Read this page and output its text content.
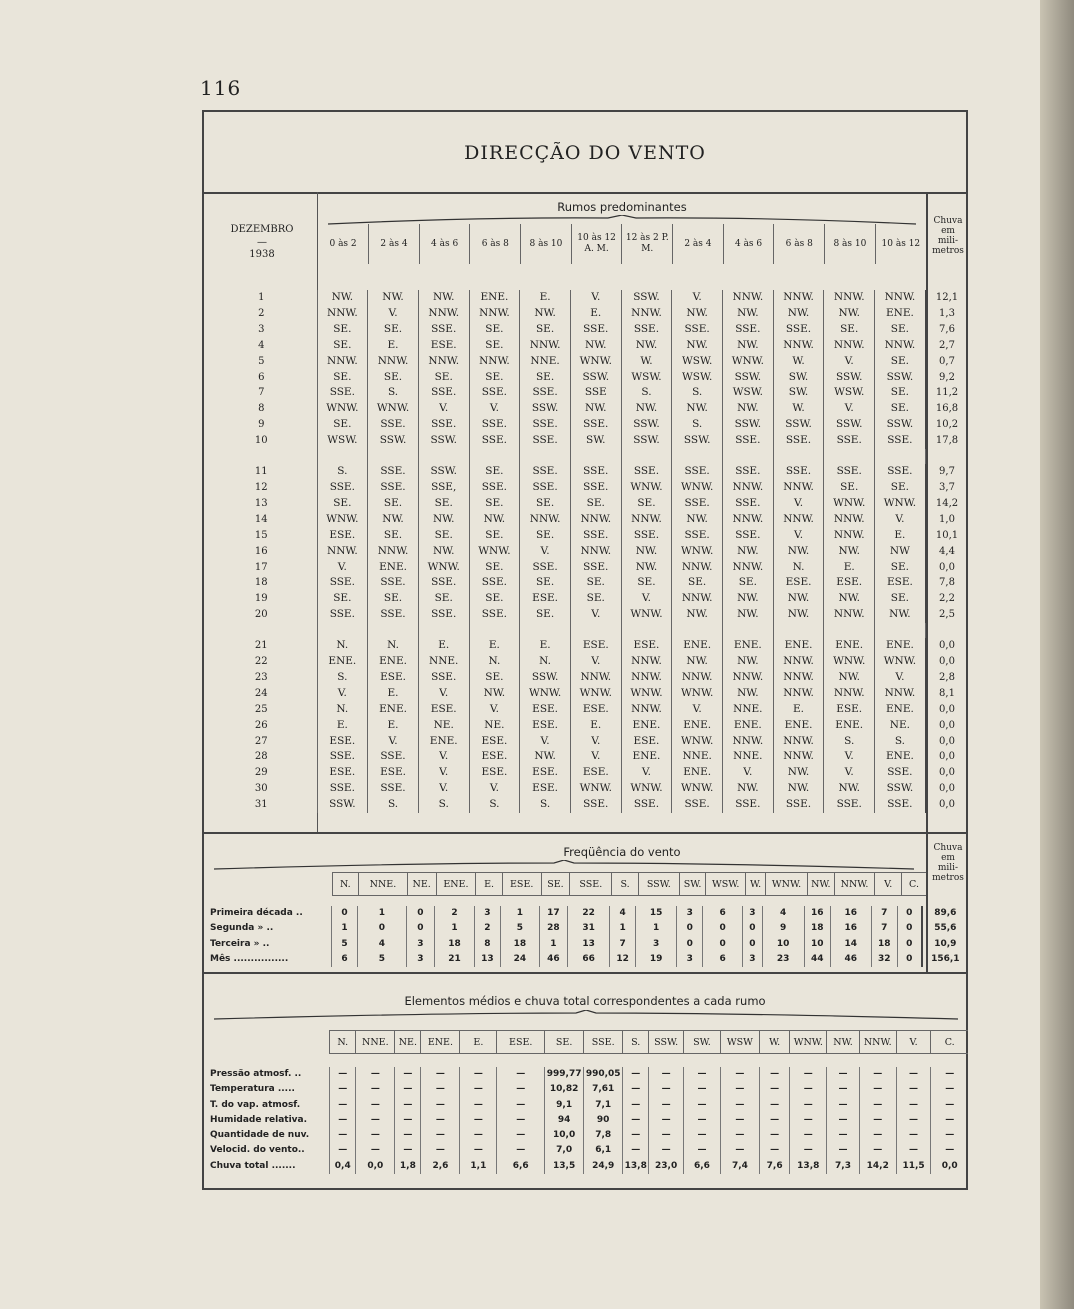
116
DIRECÇÃO DO VENTO
DEZEMBRO
—
1938
Rumos predominantes
Chuva
em
mili-
metros
0 às 2	2 às 4	4 às 6	6 às 8	8 às 10	10 às 12 A. M.	12 às 2 P. M.	2 às 4	4 às 6	6 às 8	8 às 10	10 às 12
1	NW.	NW.	NW.	ENE.	E.	V.	SSW.	V.	NNW.	NNW.	NNW.	NNW.	12,1
2	NNW.	V.	NNW.	NNW.	NW.	E.	NNW.	NW.	NW.	NW.	NW.	ENE.	1,3
3	SE.	SE.	SSE.	SE.	SE.	SSE.	SSE.	SSE.	SSE.	SSE.	SE.	SE.	7,6
4	SE.	E.	ESE.	SE.	NNW.	NW.	NW.	NW.	NW.	NNW.	NNW.	NNW.	2,7
5	NNW.	NNW.	NNW.	NNW.	NNE.	WNW.	W.	WSW.	WNW.	W.	V.	SE.	0,7
6	SE.	SE.	SE.	SE.	SE.	SSW.	WSW.	WSW.	SSW.	SW.	SSW.	SSW.	9,2
7	SSE.	S.	SSE.	SSE.	SSE.	SSE	S.	S.	WSW.	SW.	WSW.	SE.	11,2
8	WNW.	WNW.	V.	V.	SSW.	NW.	NW.	NW.	NW.	W.	V.	SE.	16,8
9	SE.	SSE.	SSE.	SSE.	SSE.	SSE.	SSW.	S.	SSW.	SSW.	SSW.	SSW.	10,2
10	WSW.	SSW.	SSW.	SSE.	SSE.	SW.	SSW.	SSW.	SSE.	SSE.	SSE.	SSE.	17,8

11	S.	SSE.	SSW.	SE.	SSE.	SSE.	SSE.	SSE.	SSE.	SSE.	SSE.	SSE.	9,7
12	SSE.	SSE.	SSE,	SSE.	SSE.	SSE.	WNW.	WNW.	NNW.	NNW.	SE.	SE.	3,7
13	SE.	SE.	SE.	SE.	SE.	SE.	SE.	SSE.	SSE.	V.	WNW.	WNW.	14,2
14	WNW.	NW.	NW.	NW.	NNW.	NNW.	NNW.	NW.	NNW.	NNW.	NNW.	V.	1,0
15	ESE.	SE.	SE.	SE.	SE.	SSE.	SSE.	SSE.	SSE.	V.	NNW.	E.	10,1
16	NNW.	NNW.	NW.	WNW.	V.	NNW.	NW.	WNW.	NW.	NW.	NW.	NW	4,4
17	V.	ENE.	WNW.	SE.	SSE.	SSE.	NW.	NNW.	NNW.	N.	E.	SE.	0,0
18	SSE.	SSE.	SSE.	SSE.	SE.	SE.	SE.	SE.	SE.	ESE.	ESE.	ESE.	7,8
19	SE.	SE.	SE.	SE.	ESE.	SE.	V.	NNW.	NW.	NW.	NW.	SE.	2,2
20	SSE.	SSE.	SSE.	SSE.	SE.	V.	WNW.	NW.	NW.	NW.	NNW.	NW.	2,5

21	N.	N.	E.	E.	E.	ESE.	ESE.	ENE.	ENE.	ENE.	ENE.	ENE.	0,0
22	ENE.	ENE.	NNE.	N.	N.	V.	NNW.	NW.	NW.	NNW.	WNW.	WNW.	0,0
23	S.	ESE.	SSE.	SE.	SSW.	NNW.	NNW.	NNW.	NNW.	NNW.	NW.	V.	2,8
24	V.	E.	V.	NW.	WNW.	WNW.	WNW.	WNW.	NW.	NNW.	NNW.	NNW.	8,1
25	N.	ENE.	ESE.	V.	ESE.	ESE.	NNW.	V.	NNE.	E.	ESE.	ENE.	0,0
26	E.	E.	NE.	NE.	ESE.	E.	ENE.	ENE.	ENE.	ENE.	ENE.	NE.	0,0
27	ESE.	V.	ENE.	ESE.	V.	V.	ESE.	WNW.	NNW.	NNW.	S.	S.	0,0
28	SSE.	SSE.	V.	ESE.	NW.	V.	ENE.	NNE.	NNE.	NNW.	V.	ENE.	0,0
29	ESE.	ESE.	V.	ESE.	ESE.	ESE.	V.	ENE.	V.	NW.	V.	SSE.	0,0
30	SSE.	SSE.	V.	V.	ESE.	WNW.	WNW.	WNW.	NW.	NW.	NW.	SSW.	0,0
31	SSW.	S.	S.	S.	S.	SSE.	SSE.	SSE.	SSE.	SSE.	SSE.	SSE.	0,0
Freqüência do vento	Chuva
em
mili-
metros
	N.	NNE.	NE.	ENE.	E.	ESE.	SE.	SSE.	S.	SSW.	SW.	WSW.	W.	WNW.	NW.	NNW.	V.	C.
Primeira década ..	0	1	0	2	3	1	17	22	4	15	3	6	3	4	16	16	7	0	89,6
Segunda » ..	1	0	0	1	2	5	28	31	1	1	0	0	0	9	18	16	7	0	55,6
Terceira » ..	5	4	3	18	8	18	1	13	7	3	0	0	0	10	10	14	18	0	10,9
Mês ................	6	5	3	21	13	24	46	66	12	19	3	6	3	23	44	46	32	0	156,1
Elementos médios e chuva total correspondentes a cada rumo
	N.	NNE.	NE.	ENE.	E.	ESE.	SE.	SSE.	S.	SSW.	SW.	WSW	W.	WNW.	NW.	NNW.	V.	C.
Pressão atmosf. ..	—	—	—	—	—	—	999,77	990,05	—	—	—	—	—	—	—	—	—	—
Temperatura .....	—	—	—	—	—	—	10,82	7,61	—	—	—	—	—	—	—	—	—	—
T. do vap. atmosf.	—	—	—	—	—	—	9,1	7,1	—	—	—	—	—	—	—	—	—	—
Humidade relativa.	—	—	—	—	—	—	94	90	—	—	—	—	—	—	—	—	—	—
Quantidade de nuv.	—	—	—	—	—	—	10,0	7,8	—	—	—	—	—	—	—	—	—	—
Velocid. do vento..	—	—	—	—	—	—	7,0	6,1	—	—	—	—	—	—	—	—	—	—
Chuva total .......	0,4	0,0	1,8	2,6	1,1	6,6	13,5	24,9	13,8	23,0	6,6	7,4	7,6	13,8	7,3	14,2	11,5	0,0
